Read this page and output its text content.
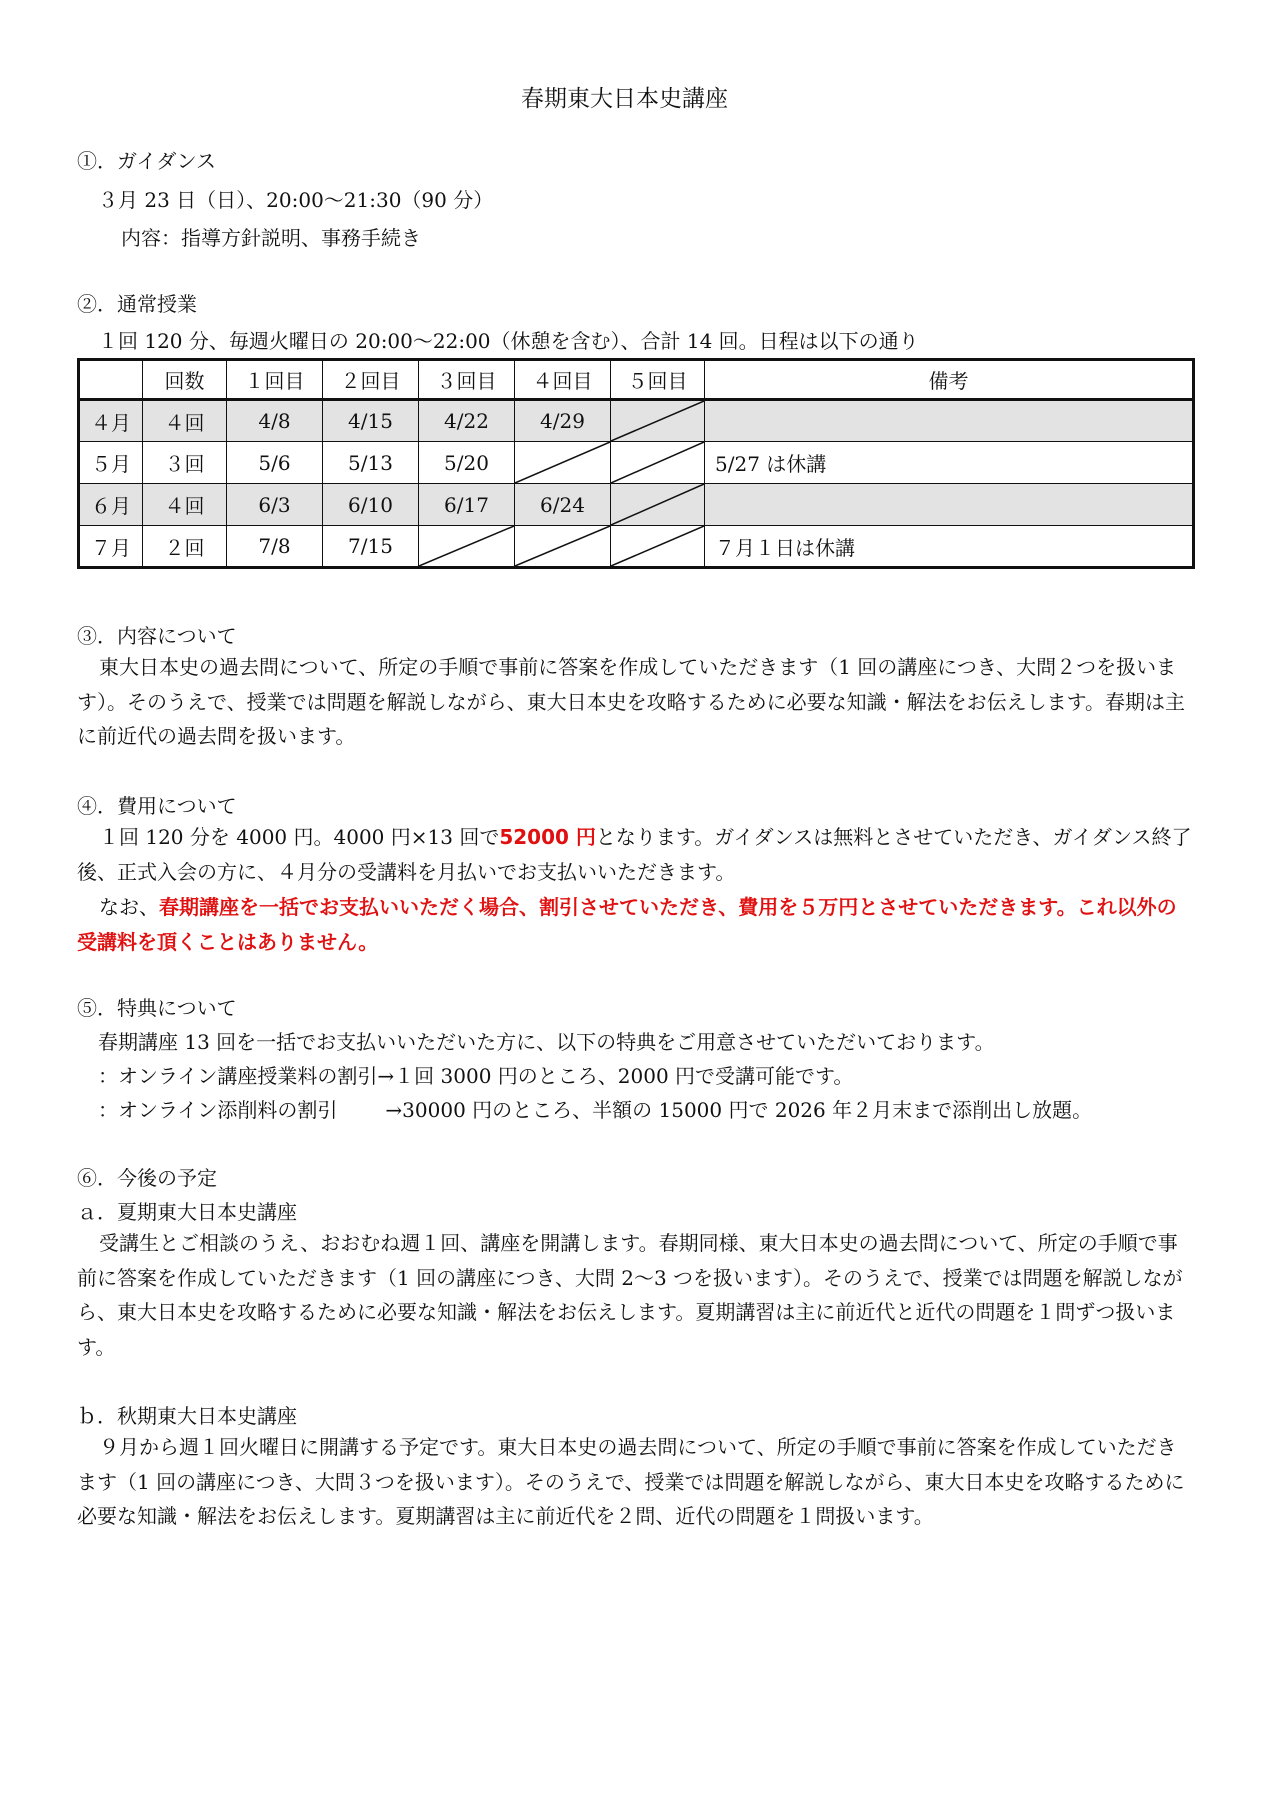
春期東大日本史講座
①．ガイダンス
３月 23 日（日）、20:00～21:30（90 分）
内容：指導方針説明、事務手続き
②．通常授業
１回 120 分、毎週火曜日の 20:00～22:00（休憩を含む）、合計 14 回。日程は以下の通り
	回数	１回目	２回目	３回目	４回目	５回目	備考
４月	４回	4/8	4/15	4/22	4/29	

５月	３回	5/6	5/13	5/20			5/27 は休講
６月	４回	6/3	6/10	6/17	6/24	

７月	２回	7/8	7/15				７月１日は休講
③．内容について
東大日本史の過去問について、所定の手順で事前に答案を作成していただきます（1 回の講座につき、大問２つを扱います）。そのうえで、授業では問題を解説しながら、東大日本史を攻略するために必要な知識・解法をお伝えします。春期は主に前近代の過去問を扱います。
④．費用について
１回 120 分を 4000 円。4000 円×13 回で52000 円となります。ガイダンスは無料とさせていただき、ガイダンス終了後、正式入会の方に、４月分の受講料を月払いでお支払いいただきます。
なお、春期講座を一括でお支払いいただく場合、割引させていただき、費用を５万円とさせていただきます。これ以外の受講料を頂くことはありません。
⑤．特典について
春期講座 13 回を一括でお支払いいただいた方に、以下の特典をご用意させていただいております。
：オンライン講座授業料の割引→１回 3000 円のところ、2000 円で受講可能です。
：オンライン添削料の割引 →30000 円のところ、半額の 15000 円で 2026 年２月末まで添削出し放題。
⑥．今後の予定
ａ．夏期東大日本史講座
受講生とご相談のうえ、おおむね週１回、講座を開講します。春期同様、東大日本史の過去問について、所定の手順で事前に答案を作成していただきます（1 回の講座につき、大問 2～3 つを扱います）。そのうえで、授業では問題を解説しながら、東大日本史を攻略するために必要な知識・解法をお伝えします。夏期講習は主に前近代と近代の問題を１問ずつ扱います。
ｂ．秋期東大日本史講座
９月から週１回火曜日に開講する予定です。東大日本史の過去問について、所定の手順で事前に答案を作成していただきます（1 回の講座につき、大問３つを扱います）。そのうえで、授業では問題を解説しながら、東大日本史を攻略するために必要な知識・解法をお伝えします。夏期講習は主に前近代を２問、近代の問題を１問扱います。
